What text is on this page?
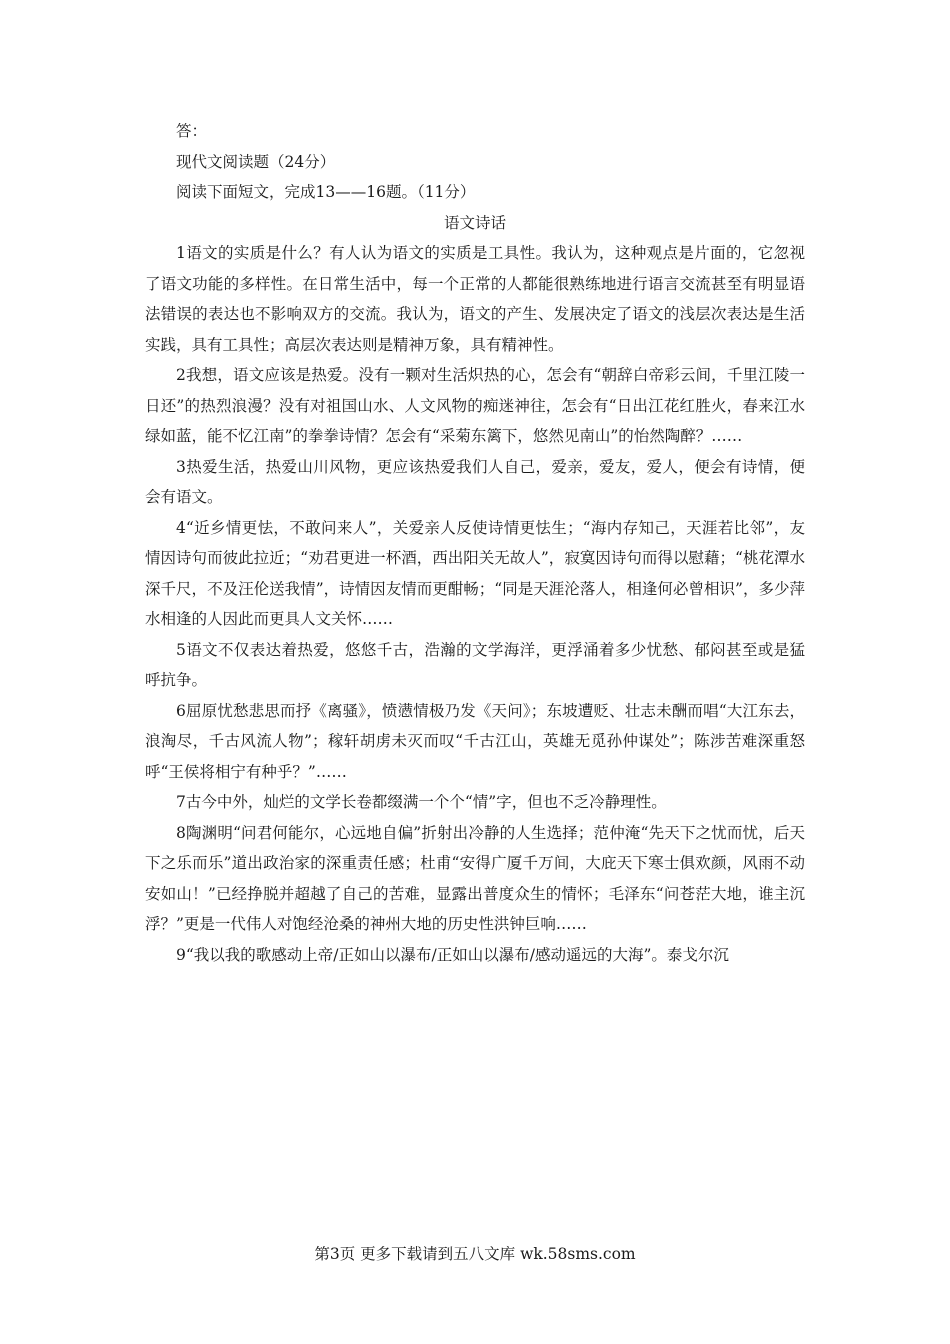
答：

现代文阅读题（24分）

阅读下面短文，完成13——16题。（11分）

语文诗话

1语文的实质是什么？有人认为语文的实质是工具性。我认为，这种观点是片面的，它忽视了语文功能的多样性。在日常生活中，每一个正常的人都能很熟练地进行语言交流甚至有明显语法错误的表达也不影响双方的交流。我认为，语文的产生、发展决定了语文的浅层次表达是生活实践，具有工具性；高层次表达则是精神万象，具有精神性。

2我想，语文应该是热爱。没有一颗对生活炽热的心，怎会有“朝辞白帝彩云间，千里江陵一日还”的热烈浪漫？没有对祖国山水、人文风物的痴迷神往，怎会有“日出江花红胜火，春来江水绿如蓝，能不忆江南”的拳拳诗情？怎会有“采菊东篱下，悠然见南山”的怡然陶醉？……

3热爱生活，热爱山川风物，更应该热爱我们人自己，爱亲，爱友，爱人，便会有诗情，便会有语文。

4“近乡情更怯，不敢问来人”，关爱亲人反使诗情更怯生；“海内存知己，天涯若比邻”，友情因诗句而彼此拉近；“劝君更进一杯酒，西出阳关无故人”，寂寞因诗句而得以慰藉；“桃花潭水深千尺，不及汪伦送我情”，诗情因友情而更酣畅；“同是天涯沦落人，相逢何必曾相识”，多少萍水相逢的人因此而更具人文关怀……

5语文不仅表达着热爱，悠悠千古，浩瀚的文学海洋，更浮涌着多少忧愁、郁闷甚至或是猛呼抗争。

6屈原忧愁悲思而抒《离骚》，愤懑情极乃发《天问》；东坡遭贬、壮志未酬而唱“大江东去，浪淘尽，千古风流人物”；稼轩胡虏未灭而叹“千古江山，英雄无觅孙仲谋处”；陈涉苦难深重怒呼“王侯将相宁有种乎？”……

7古今中外，灿烂的文学长卷都缀满一个个“情”字，但也不乏冷静理性。

8陶渊明“问君何能尔，心远地自偏”折射出冷静的人生选择；范仲淹“先天下之忧而忧，后天下之乐而乐”道出政治家的深重责任感；杜甫“安得广厦千万间，大庇天下寒士俱欢颜，风雨不动安如山！”已经挣脱并超越了自己的苦难，显露出普度众生的情怀；毛泽东“问苍茫大地，谁主沉浮？”更是一代伟人对饱经沧桑的神州大地的历史性洪钟巨响……

9“我以我的歌感动上帝/正如山以瀑布/正如山以瀑布/感动遥远的大海”。泰戈尔沉

第3页 更多下载请到五八文库 wk.58sms.com
